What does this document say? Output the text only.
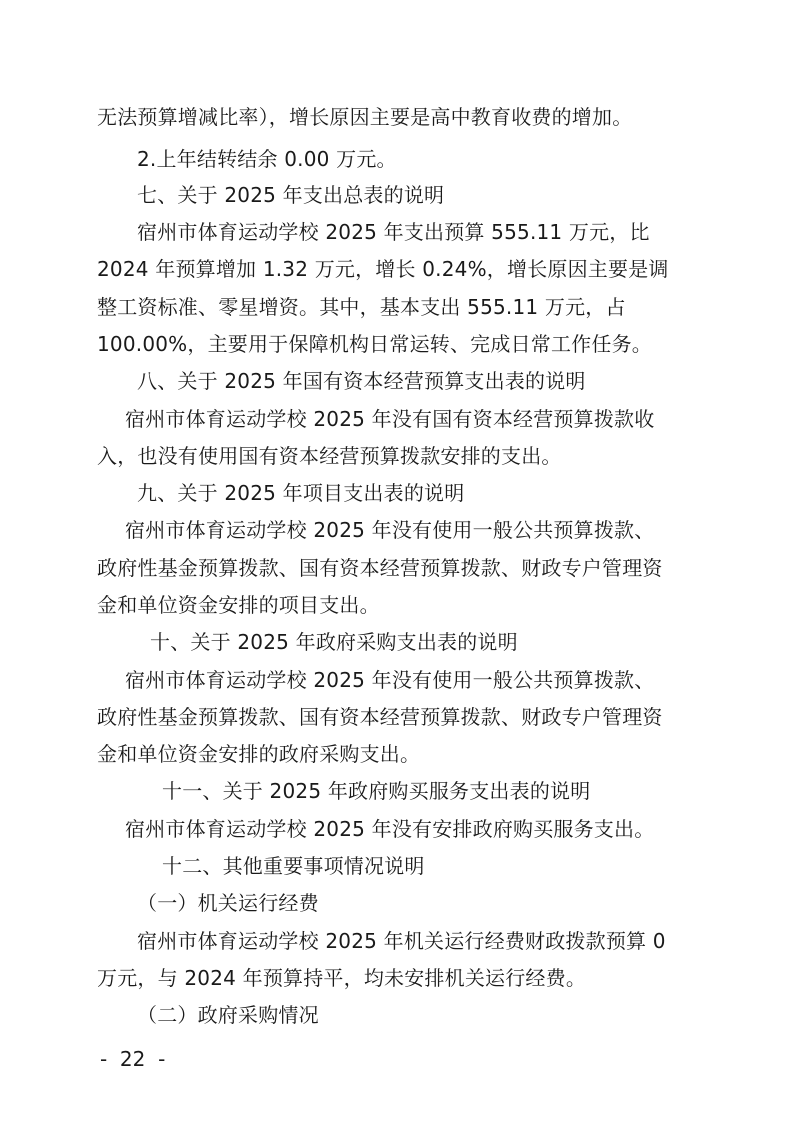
无法预算增减比率），增长原因主要是高中教育收费的增加。
2.上年结转结余 0.00 万元。
七、关于 2025 年支出总表的说明
宿州市体育运动学校 2025 年支出预算 555.11 万元，比
2024 年预算增加 1.32 万元，增长 0.24%，增长原因主要是调
整工资标准、零星增资。其中，基本支出 555.11 万元，占
100.00%，主要用于保障机构日常运转、完成日常工作任务。
八、关于 2025 年国有资本经营预算支出表的说明
宿州市体育运动学校 2025 年没有国有资本经营预算拨款收
入，也没有使用国有资本经营预算拨款安排的支出。
九、关于 2025 年项目支出表的说明
宿州市体育运动学校 2025 年没有使用一般公共预算拨款、
政府性基金预算拨款、国有资本经营预算拨款、财政专户管理资
金和单位资金安排的项目支出。
十、关于 2025 年政府采购支出表的说明
宿州市体育运动学校 2025 年没有使用一般公共预算拨款、
政府性基金预算拨款、国有资本经营预算拨款、财政专户管理资
金和单位资金安排的政府采购支出。
十一、关于 2025 年政府购买服务支出表的说明
宿州市体育运动学校 2025 年没有安排政府购买服务支出。
十二、其他重要事项情况说明
（一）机关运行经费
宿州市体育运动学校 2025 年机关运行经费财政拨款预算 0
万元，与 2024 年预算持平，均未安排机关运行经费。
（二）政府采购情况
-  22  -
